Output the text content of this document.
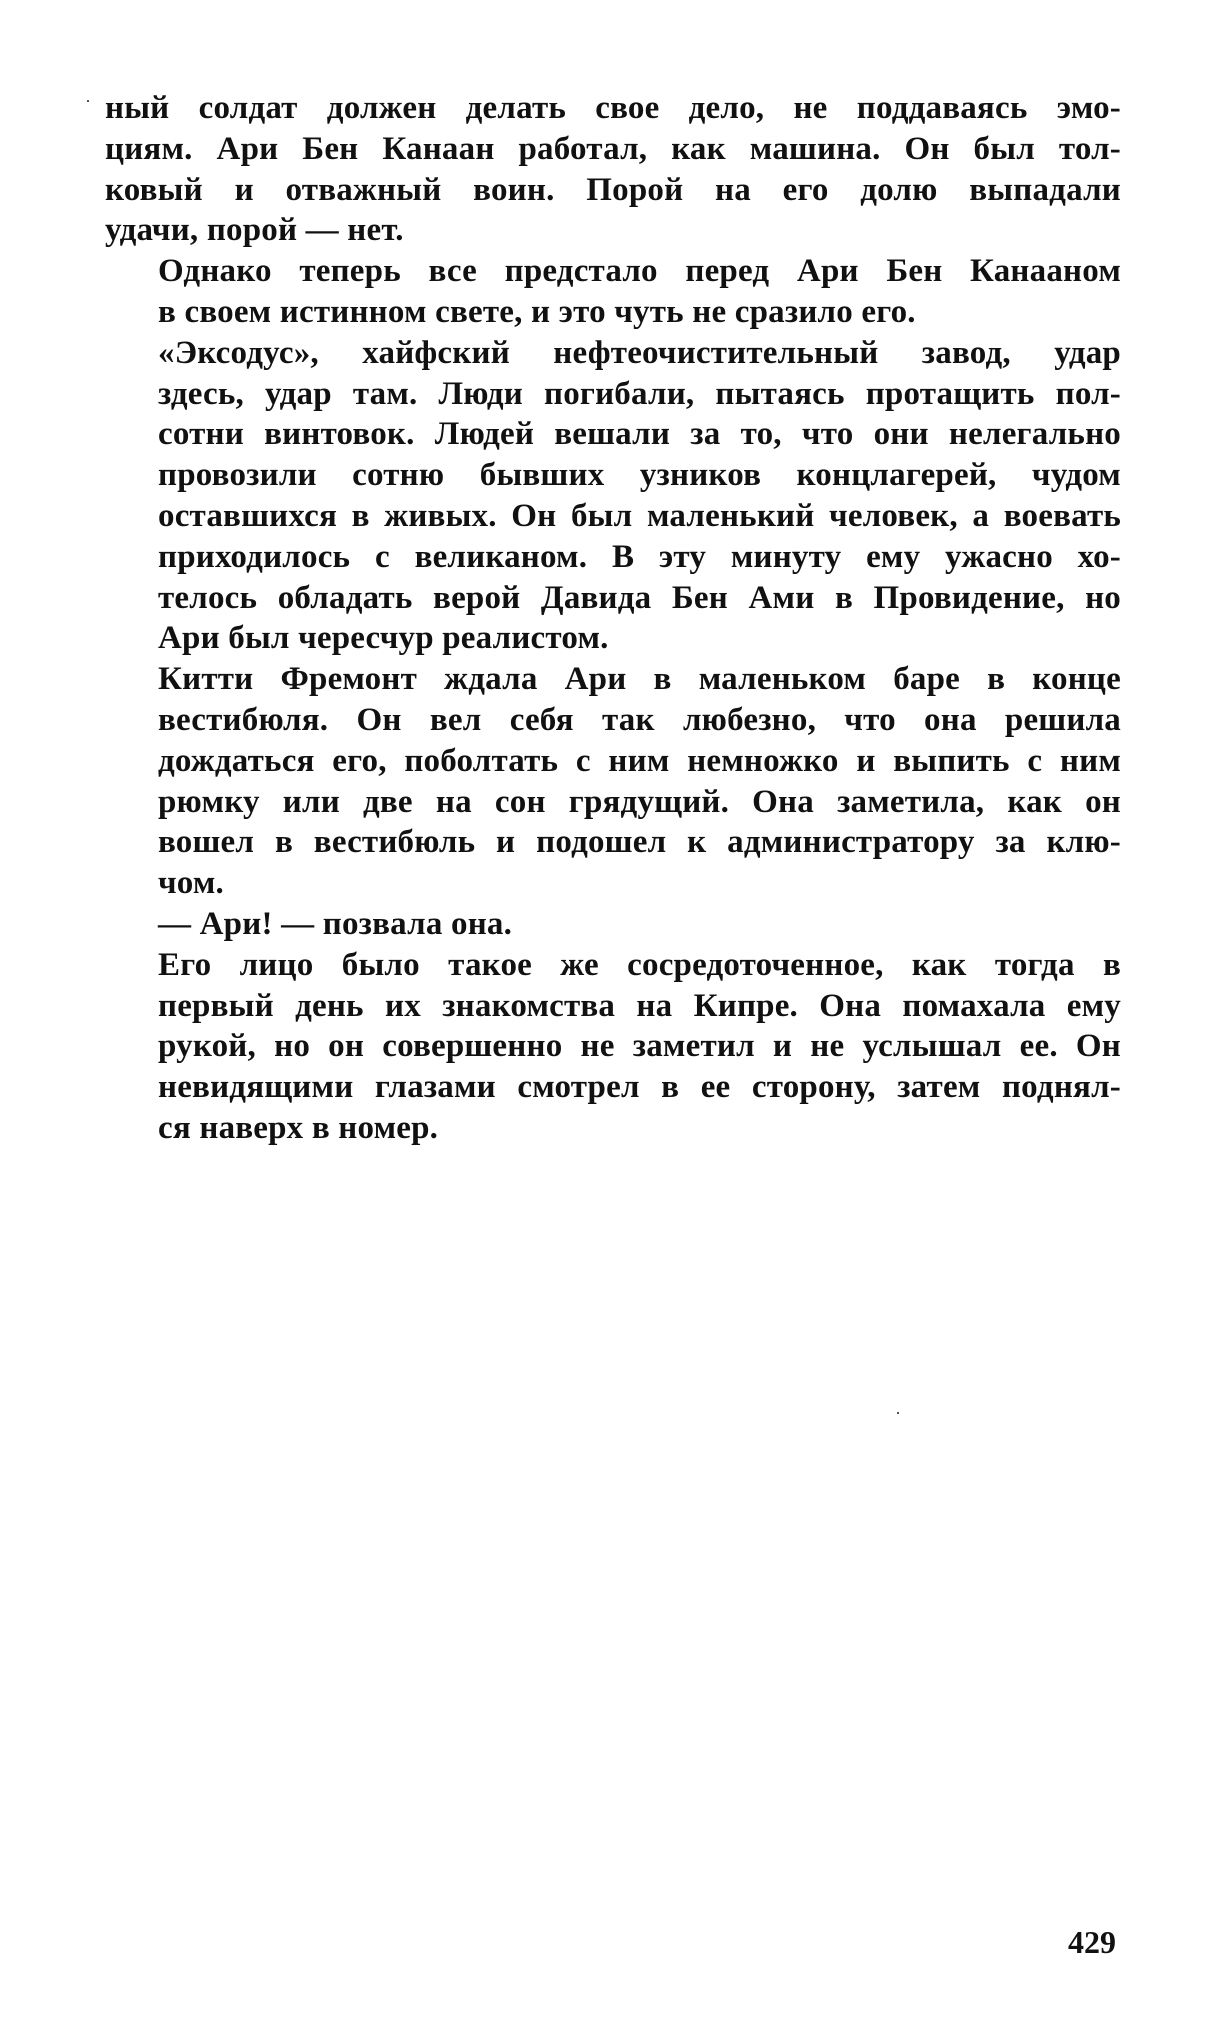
ный солдат должен делать свое дело, не поддаваясь эмо-
циям. Ари Бен Канаан работал, как машина. Он был тол-
ковый и отважный воин. Порой на его долю выпадали
удачи, порой — нет.

Однако теперь все предстало перед Ари Бен Канааном
в своем истинном свете, и это чуть не сразило его.

«Эксодус», хайфский нефтеочистительный завод, удар
здесь, удар там. Люди погибали, пытаясь протащить пол-
сотни винтовок. Людей вешали за то, что они нелегально
провозили сотню бывших узников концлагерей, чудом
оставшихся в живых. Он был маленький человек, а воевать
приходилось с великаном. В эту минуту ему ужасно хо-
телось обладать верой Давида Бен Ами в Провидение, но
Ари был чересчур реалистом.

Китти Фремонт ждала Ари в маленьком баре в конце
вестибюля. Он вел себя так любезно, что она решила
дождаться его, поболтать с ним немножко и выпить с ним
рюмку или две на сон грядущий. Она заметила, как он
вошел в вестибюль и подошел к администратору за клю-
чом.

— Ари! — позвала она.

Его лицо было такое же сосредоточенное, как тогда в
первый день их знакомства на Кипре. Она помахала ему
рукой, но он совершенно не заметил и не услышал ее. Он
невидящими глазами смотрел в ее сторону, затем поднял-
ся наверх в номер.

429
